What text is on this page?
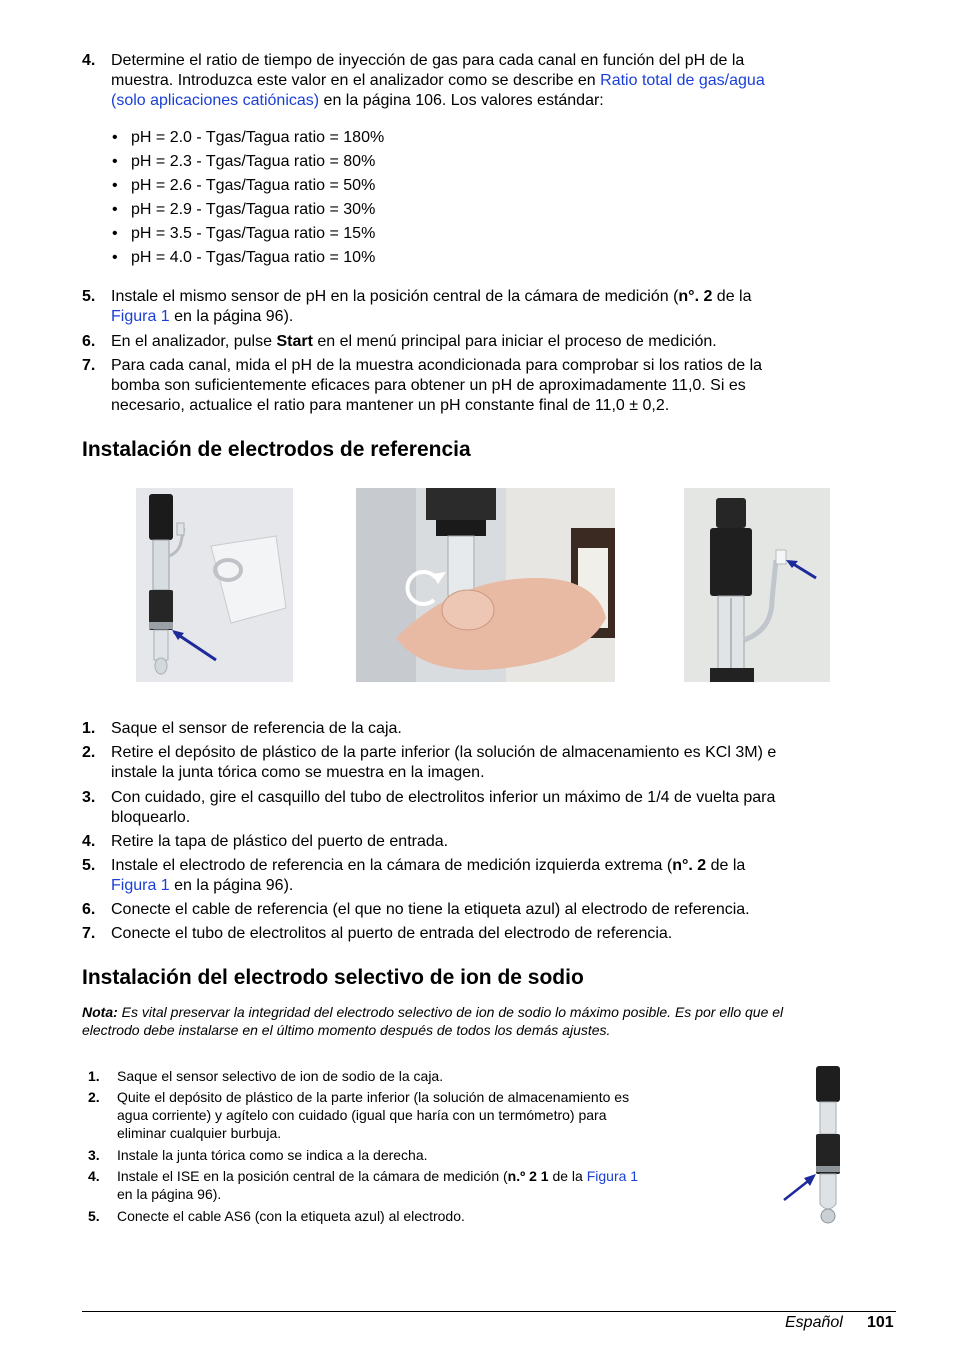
4. Determine el ratio de tiempo de inyección de gas para cada canal en función del pH de la
muestra. Introduzca este valor en el analizador como se describe en Ratio total de gas/agua
(solo aplicaciones catiónicas) en la página 106. Los valores estándar:
• pH = 2.0 - Tgas/Tagua ratio = 180%
• pH = 2.3 - Tgas/Tagua ratio = 80%
• pH = 2.6 - Tgas/Tagua ratio = 50%
• pH = 2.9 - Tgas/Tagua ratio = 30%
• pH = 3.5 - Tgas/Tagua ratio = 15%
• pH = 4.0 - Tgas/Tagua ratio = 10%
5. Instale el mismo sensor de pH en la posición central de la cámara de medición (n°. 2 de la
Figura 1 en la página 96).
6. En el analizador, pulse Start en el menú principal para iniciar el proceso de medición.
7. Para cada canal, mida el pH de la muestra acondicionada para comprobar si los ratios de la
bomba son suficientemente eficaces para obtener un pH de aproximadamente 11,0. Si es
necesario, actualice el ratio para mantener un pH constante final de 11,0 ± 0,2.
Instalación de electrodos de referencia
1. Saque el sensor de referencia de la caja.
2. Retire el depósito de plástico de la parte inferior (la solución de almacenamiento es KCl 3M) e
instale la junta tórica como se muestra en la imagen.
3. Con cuidado, gire el casquillo del tubo de electrolitos inferior un máximo de 1/4 de vuelta para
bloquearlo.
4. Retire la tapa de plástico del puerto de entrada.
5. Instale el electrodo de referencia en la cámara de medición izquierda extrema (n°. 2 de la
Figura 1 en la página 96).
6. Conecte el cable de referencia (el que no tiene la etiqueta azul) al electrodo de referencia.
7. Conecte el tubo de electrolitos al puerto de entrada del electrodo de referencia.
Instalación del electrodo selectivo de ion de sodio
Nota: Es vital preservar la integridad del electrodo selectivo de ion de sodio lo máximo posible. Es por ello que el
electrodo debe instalarse en el último momento después de todos los demás ajustes.
1. Saque el sensor selectivo de ion de sodio de la caja.
2. Quite el depósito de plástico de la parte inferior (la solución de almacenamiento es
agua corriente) y agítelo con cuidado (igual que haría con un termómetro) para
eliminar cualquier burbuja.
3. Instale la junta tórica como se indica a la derecha.
4. Instale el ISE en la posición central de la cámara de medición (n.º 2 1 de la Figura 1
en la página 96).
5. Conecte el cable AS6 (con la etiqueta azul) al electrodo.
Español 101
